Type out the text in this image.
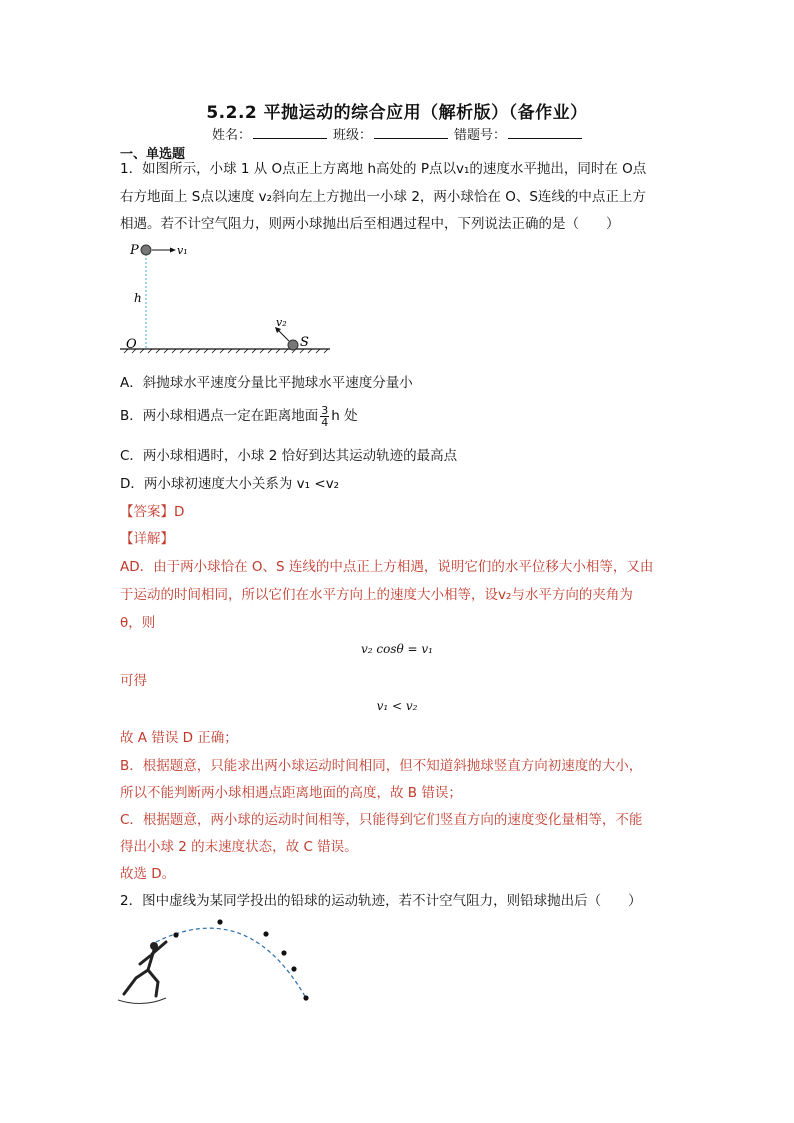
5.2.2 平抛运动的综合应用（解析版）（备作业）
姓名：	班级：	错题号：
一、单选题
1．如图所示，小球 1 从 O点正上方离地 h高处的 P点以v₁的速度水平抛出，同时在 O点
右方地面上 S点以速度 v₂斜向左上方抛出一小球 2，两小球恰在 O、S连线的中点正上方
相遇。若不计空气阻力，则两小球抛出后至相遇过程中，下列说法正确的是（　　）
P	v₁
h
O
v₂
S
A．斜抛球水平速度分量比平抛球水平速度分量小
B．两小球相遇点一定在距离地面 $\frac{3}{4}$ h 处
C．两小球相遇时，小球 2 恰好到达其运动轨迹的最高点
D．两小球初速度大小关系为 v₁ <v₂
【答案】D
【详解】
AD．由于两小球恰在 O、S 连线的中点正上方相遇，说明它们的水平位移大小相等，又由
于运动的时间相同，所以它们在水平方向上的速度大小相等，设v₂与水平方向的夹角为
θ，则
v₂ cosθ = v₁
可得
v₁ < v₂
故 A 错误 D 正确；
B．根据题意，只能求出两小球运动时间相同，但不知道斜抛球竖直方向初速度的大小，
所以不能判断两小球相遇点距离地面的高度，故 B 错误；
C．根据题意，两小球的运动时间相等，只能得到它们竖直方向的速度变化量相等，不能
得出小球 2 的末速度状态，故 C 错误。
故选 D。
2．图中虚线为某同学投出的铅球的运动轨迹，若不计空气阻力，则铅球抛出后（　　）
